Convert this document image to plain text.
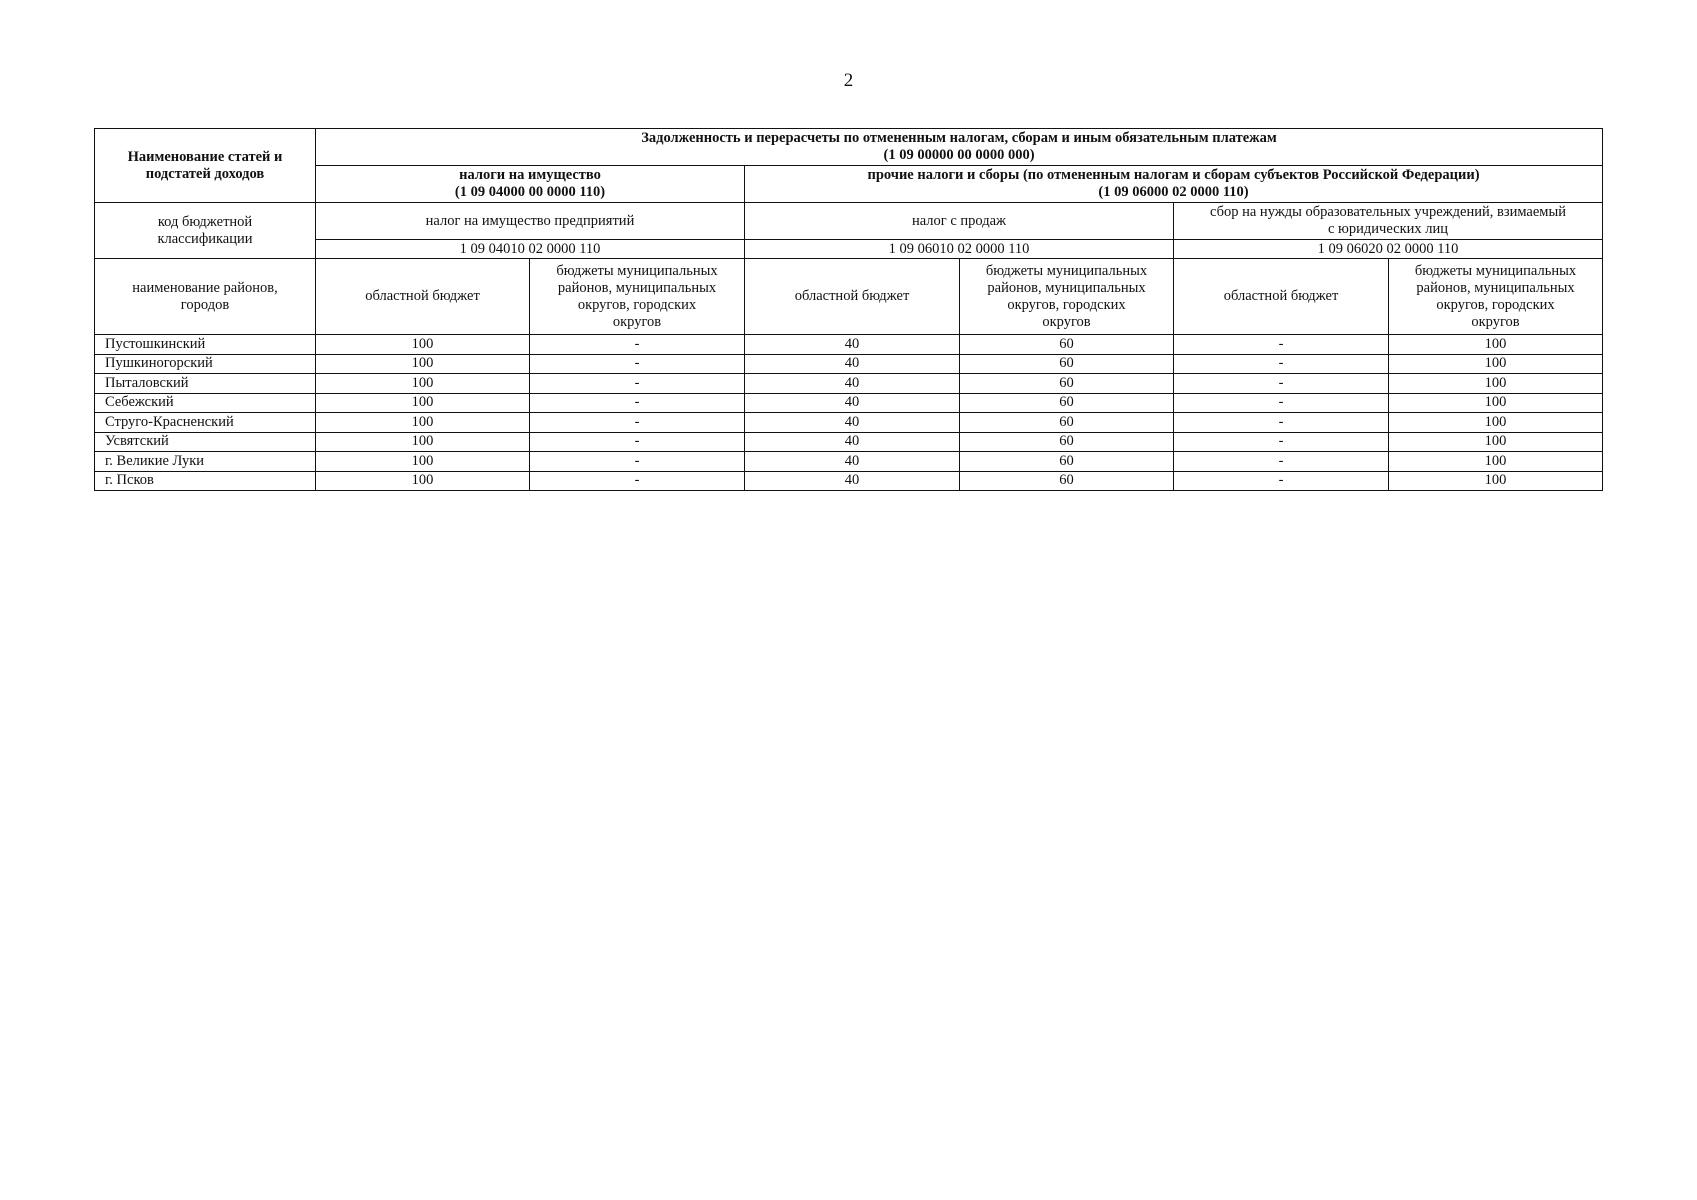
2
Наименование статей и
подстатей доходов	Задолженность и перерасчеты по отмененным налогам, сборам и иным обязательным платежам
(1 09 00000 00 0000 000)					

	налоги на имущество
(1 09 04000 00 0000 110)		прочие налоги и сборы (по отмененным налогам и сборам субъектов Российской Федерации)
(1 09 06000 02 0000 110)			

код бюджетной
классификации	налог на имущество предприятий		налог с продаж		сбор на нужды образовательных учреждений, взимаемый
с юридических лиц	

	1 09 04010 02 0000 110		1 09 06010 02 0000 110		1 09 06020 02 0000 110	

наименование районов,
городов	областной бюджет	бюджеты муниципальных
районов, муниципальных
округов, городских
округов	областной бюджет	бюджеты муниципальных
районов, муниципальных
округов, городских
округов	областной бюджет	бюджеты муниципальных
районов, муниципальных
округов, городских
округов

Пустошкинский	100	-	40	60	-	100
Пушкиногорский	100	-	40	60	-	100
Пыталовский	100	-	40	60	-	100
Себежский	100	-	40	60	-	100
Струго-Красненский	100	-	40	60	-	100
Усвятский	100	-	40	60	-	100
г. Великие Луки	100	-	40	60	-	100
г. Псков	100	-	40	60	-	100
